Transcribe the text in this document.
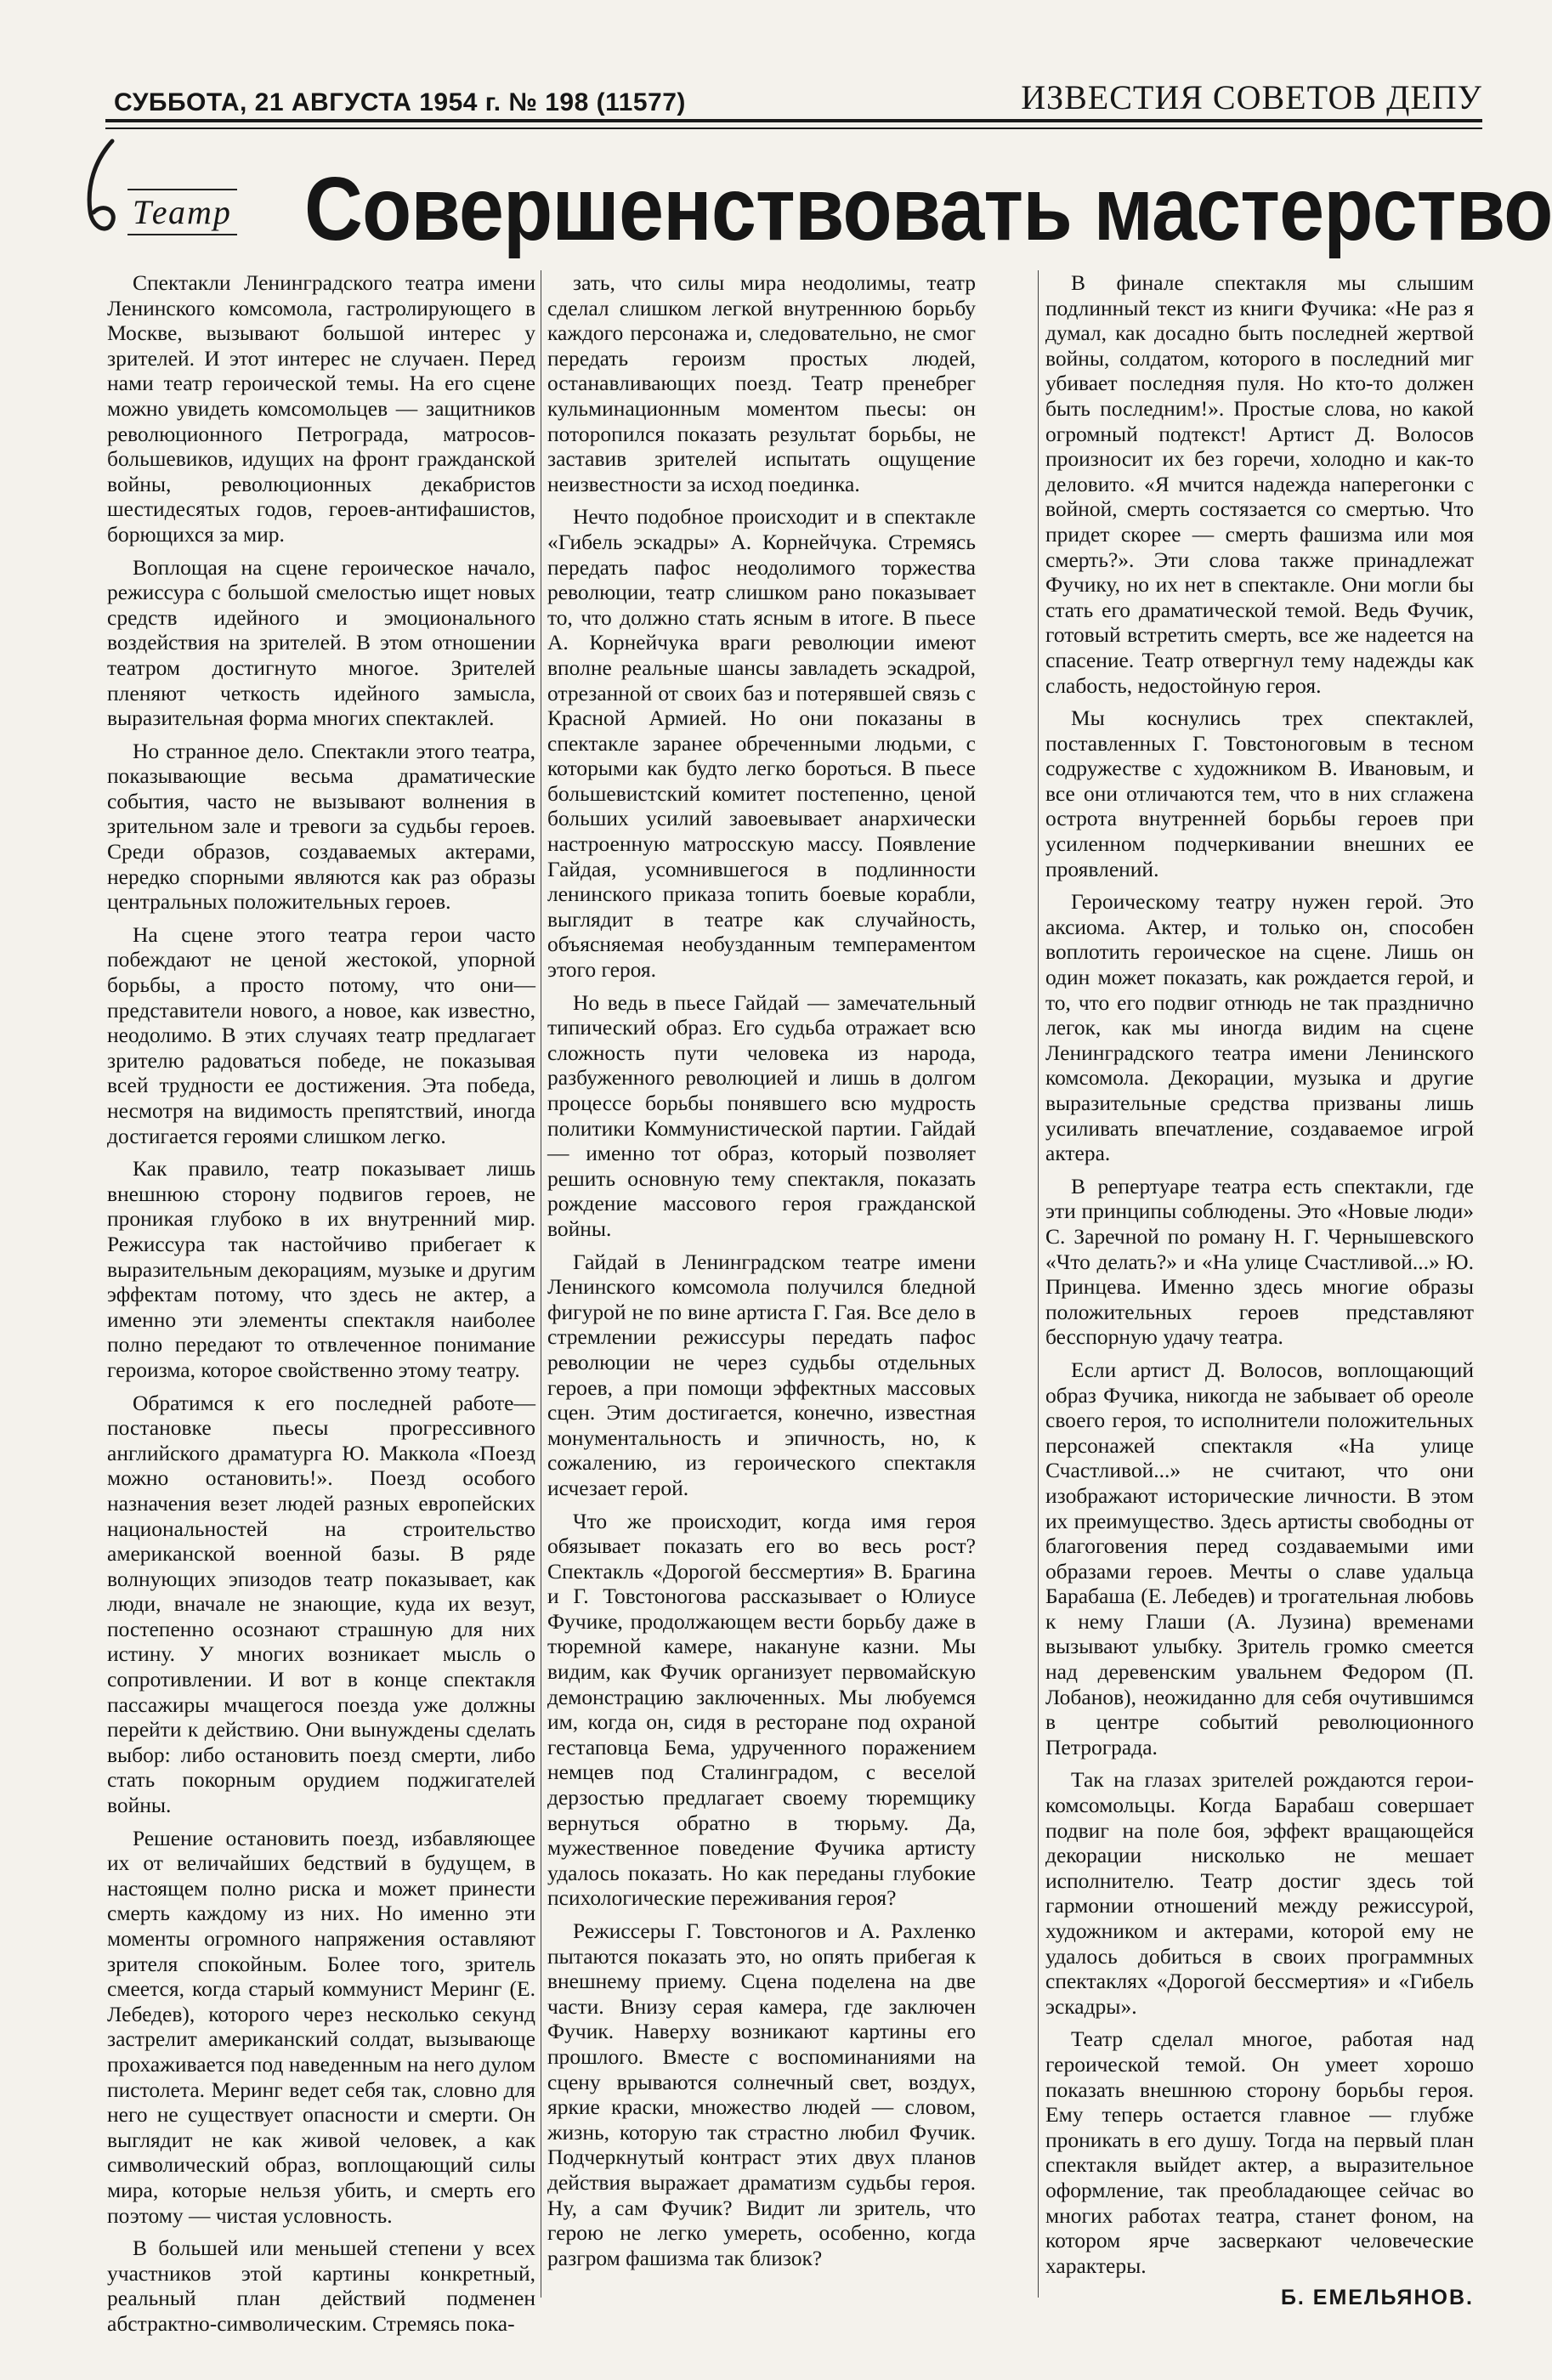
СУББОТА, 21 АВГУСТА 1954 г. № 198 (11577)	ИЗВЕСТИЯ СОВЕТОВ ДЕПУ
Театр Совершенствовать мастерство

Спектакли Ленинградского театра имени Ленинского комсомола, гастролирующего в Москве, вызывают большой интерес у зрителей. И этот интерес не случаен. Перед нами театр героической темы. На его сцене можно увидеть комсомольцев — защитников революционного Петрограда, матросов-большевиков, идущих на фронт гражданской войны, революционных декабристов шестидесятых годов, героев-антифашистов, борющихся за мир.

Воплощая на сцене героическое начало, режиссура с большой смелостью ищет новых средств идейного и эмоционального воздействия на зрителей. В этом отношении театром достигнуто многое. Зрителей пленяют четкость идейного замысла, выразительная форма многих спектаклей.

Но странное дело. Спектакли этого театра, показывающие весьма драматические события, часто не вызывают волнения в зрительном зале и тревоги за судьбы героев. Среди образов, создаваемых актерами, нередко спорными являются как раз образы центральных положительных героев.

На сцене этого театра герои часто побеждают не ценой жестокой, упорной борьбы, а просто потому, что они—представители нового, а новое, как известно, неодолимо. В этих случаях театр предлагает зрителю радоваться победе, не показывая всей трудности ее достижения. Эта победа, несмотря на видимость препятствий, иногда достигается героями слишком легко.

Как правило, театр показывает лишь внешнюю сторону подвигов героев, не проникая глубоко в их внутренний мир. Режиссура так настойчиво прибегает к выразительным декорациям, музыке и другим эффектам потому, что здесь не актер, а именно эти элементы спектакля наиболее полно передают то отвлеченное понимание героизма, которое свойственно этому театру.

Обратимся к его последней работе—постановке пьесы прогрессивного английского драматурга Ю. Маккола «Поезд можно остановить!». Поезд особого назначения везет людей разных европейских национальностей на строительство американской военной базы. В ряде волнующих эпизодов театр показывает, как люди, вначале не знающие, куда их везут, постепенно осознают страшную для них истину. У многих возникает мысль о сопротивлении. И вот в конце спектакля пассажиры мчащегося поезда уже должны перейти к действию. Они вынуждены сделать выбор: либо остановить поезд смерти, либо стать покорным орудием поджигателей войны.

Решение остановить поезд, избавляющее их от величайших бедствий в будущем, в настоящем полно риска и может принести смерть каждому из них. Но именно эти моменты огромного напряжения оставляют зрителя спокойным. Более того, зритель смеется, когда старый коммунист Меринг (Е. Лебедев), которого через несколько секунд застрелит американский солдат, вызывающе прохаживается под наведенным на него дулом пистолета. Меринг ведет себя так, словно для него не существует опасности и смерти. Он выглядит не как живой человек, а как символический образ, воплощающий силы мира, которые нельзя убить, и смерть его поэтому — чистая условность.

В большей или меньшей степени у всех участников этой картины конкретный, реальный план действий подменен абстрактно-символическим. Стремясь пока-

зать, что силы мира неодолимы, театр сделал слишком легкой внутреннюю борьбу каждого персонажа и, следовательно, не смог передать героизм простых людей, останавливающих поезд. Театр пренебрег кульминационным моментом пьесы: он поторопился показать результат борьбы, не заставив зрителей испытать ощущение неизвестности за исход поединка.

Нечто подобное происходит и в спектакле «Гибель эскадры» А. Корнейчука. Стремясь передать пафос неодолимого торжества революции, театр слишком рано показывает то, что должно стать ясным в итоге. В пьесе А. Корнейчука враги революции имеют вполне реальные шансы завладеть эскадрой, отрезанной от своих баз и потерявшей связь с Красной Армией. Но они показаны в спектакле заранее обреченными людьми, с которыми как будто легко бороться. В пьесе большевистский комитет постепенно, ценой больших усилий завоевывает анархически настроенную матросскую массу. Появление Гайдая, усомнившегося в подлинности ленинского приказа топить боевые корабли, выглядит в театре как случайность, объясняемая необузданным темпераментом этого героя.

Но ведь в пьесе Гайдай — замечательный типический образ. Его судьба отражает всю сложность пути человека из народа, разбуженного революцией и лишь в долгом процессе борьбы понявшего всю мудрость политики Коммунистической партии. Гайдай — именно тот образ, который позволяет решить основную тему спектакля, показать рождение массового героя гражданской войны.

Гайдай в Ленинградском театре имени Ленинского комсомола получился бледной фигурой не по вине артиста Г. Гая. Все дело в стремлении режиссуры передать пафос революции не через судьбы отдельных героев, а при помощи эффектных массовых сцен. Этим достигается, конечно, известная монументальность и эпичность, но, к сожалению, из героического спектакля исчезает герой.

Что же происходит, когда имя героя обязывает показать его во весь рост? Спектакль «Дорогой бессмертия» В. Брагина и Г. Товстоногова рассказывает о Юлиусе Фучике, продолжающем вести борьбу даже в тюремной камере, накануне казни. Мы видим, как Фучик организует первомайскую демонстрацию заключенных. Мы любуемся им, когда он, сидя в ресторане под охраной гестаповца Бема, удрученного поражением немцев под Сталинградом, с веселой дерзостью предлагает своему тюремщику вернуться обратно в тюрьму. Да, мужественное поведение Фучика артисту удалось показать. Но как переданы глубокие психологические переживания героя?

Режиссеры Г. Товстоногов и А. Рахленко пытаются показать это, но опять прибегая к внешнему приему. Сцена поделена на две части. Внизу серая камера, где заключен Фучик. Наверху возникают картины его прошлого. Вместе с воспоминаниями на сцену врываются солнечный свет, воздух, яркие краски, множество людей — словом, жизнь, которую так страстно любил Фучик. Подчеркнутый контраст этих двух планов действия выражает драматизм судьбы героя. Ну, а сам Фучик? Видит ли зритель, что герою не легко умереть, особенно, когда разгром фашизма так близок?

В финале спектакля мы слышим подлинный текст из книги Фучика: «Не раз я думал, как досадно быть последней жертвой войны, солдатом, которого в последний миг убивает последняя пуля. Но кто-то должен быть последним!». Простые слова, но какой огромный подтекст! Артист Д. Волосов произносит их без горечи, холодно и как-то деловито. «Я мчится надежда наперегонки с войной, смерть состязается со смертью. Что придет скорее — смерть фашизма или моя смерть?». Эти слова также принадлежат Фучику, но их нет в спектакле. Они могли бы стать его драматической темой. Ведь Фучик, готовый встретить смерть, все же надеется на спасение. Театр отвергнул тему надежды как слабость, недостойную героя.

Мы коснулись трех спектаклей, поставленных Г. Товстоноговым в тесном содружестве с художником В. Ивановым, и все они отличаются тем, что в них сглажена острота внутренней борьбы героев при усиленном подчеркивании внешних ее проявлений.

Героическому театру нужен герой. Это аксиома. Актер, и только он, способен воплотить героическое на сцене. Лишь он один может показать, как рождается герой, и то, что его подвиг отнюдь не так празднично легок, как мы иногда видим на сцене Ленинградского театра имени Ленинского комсомола. Декорации, музыка и другие выразительные средства призваны лишь усиливать впечатление, создаваемое игрой актера.

В репертуаре театра есть спектакли, где эти принципы соблюдены. Это «Новые люди» С. Заречной по роману Н. Г. Чернышевского «Что делать?» и «На улице Счастливой...» Ю. Принцева. Именно здесь многие образы положительных героев представляют бесспорную удачу театра.

Если артист Д. Волосов, воплощающий образ Фучика, никогда не забывает об ореоле своего героя, то исполнители положительных персонажей спектакля «На улице Счастливой...» не считают, что они изображают исторические личности. В этом их преимущество. Здесь артисты свободны от благоговения перед создаваемыми ими образами героев. Мечты о славе удальца Барабаша (Е. Лебедев) и трогательная любовь к нему Глаши (А. Лузина) временами вызывают улыбку. Зритель громко смеется над деревенским увальнем Федором (П. Лобанов), неожиданно для себя очутившимся в центре событий революционного Петрограда.

Так на глазах зрителей рождаются герои-комсомольцы. Когда Барабаш совершает подвиг на поле боя, эффект вращающейся декорации нисколько не мешает исполнителю. Театр достиг здесь той гармонии отношений между режиссурой, художником и актерами, которой ему не удалось добиться в своих программных спектаклях «Дорогой бессмертия» и «Гибель эскадры».

Театр сделал многое, работая над героической темой. Он умеет хорошо показать внешнюю сторону борьбы героя. Ему теперь остается главное — глубже проникать в его душу. Тогда на первый план спектакля выйдет актер, а выразительное оформление, так преобладающее сейчас во многих работах театра, станет фоном, на котором ярче засверкают человеческие характеры.

Б. ЕМЕЛЬЯНОВ.
